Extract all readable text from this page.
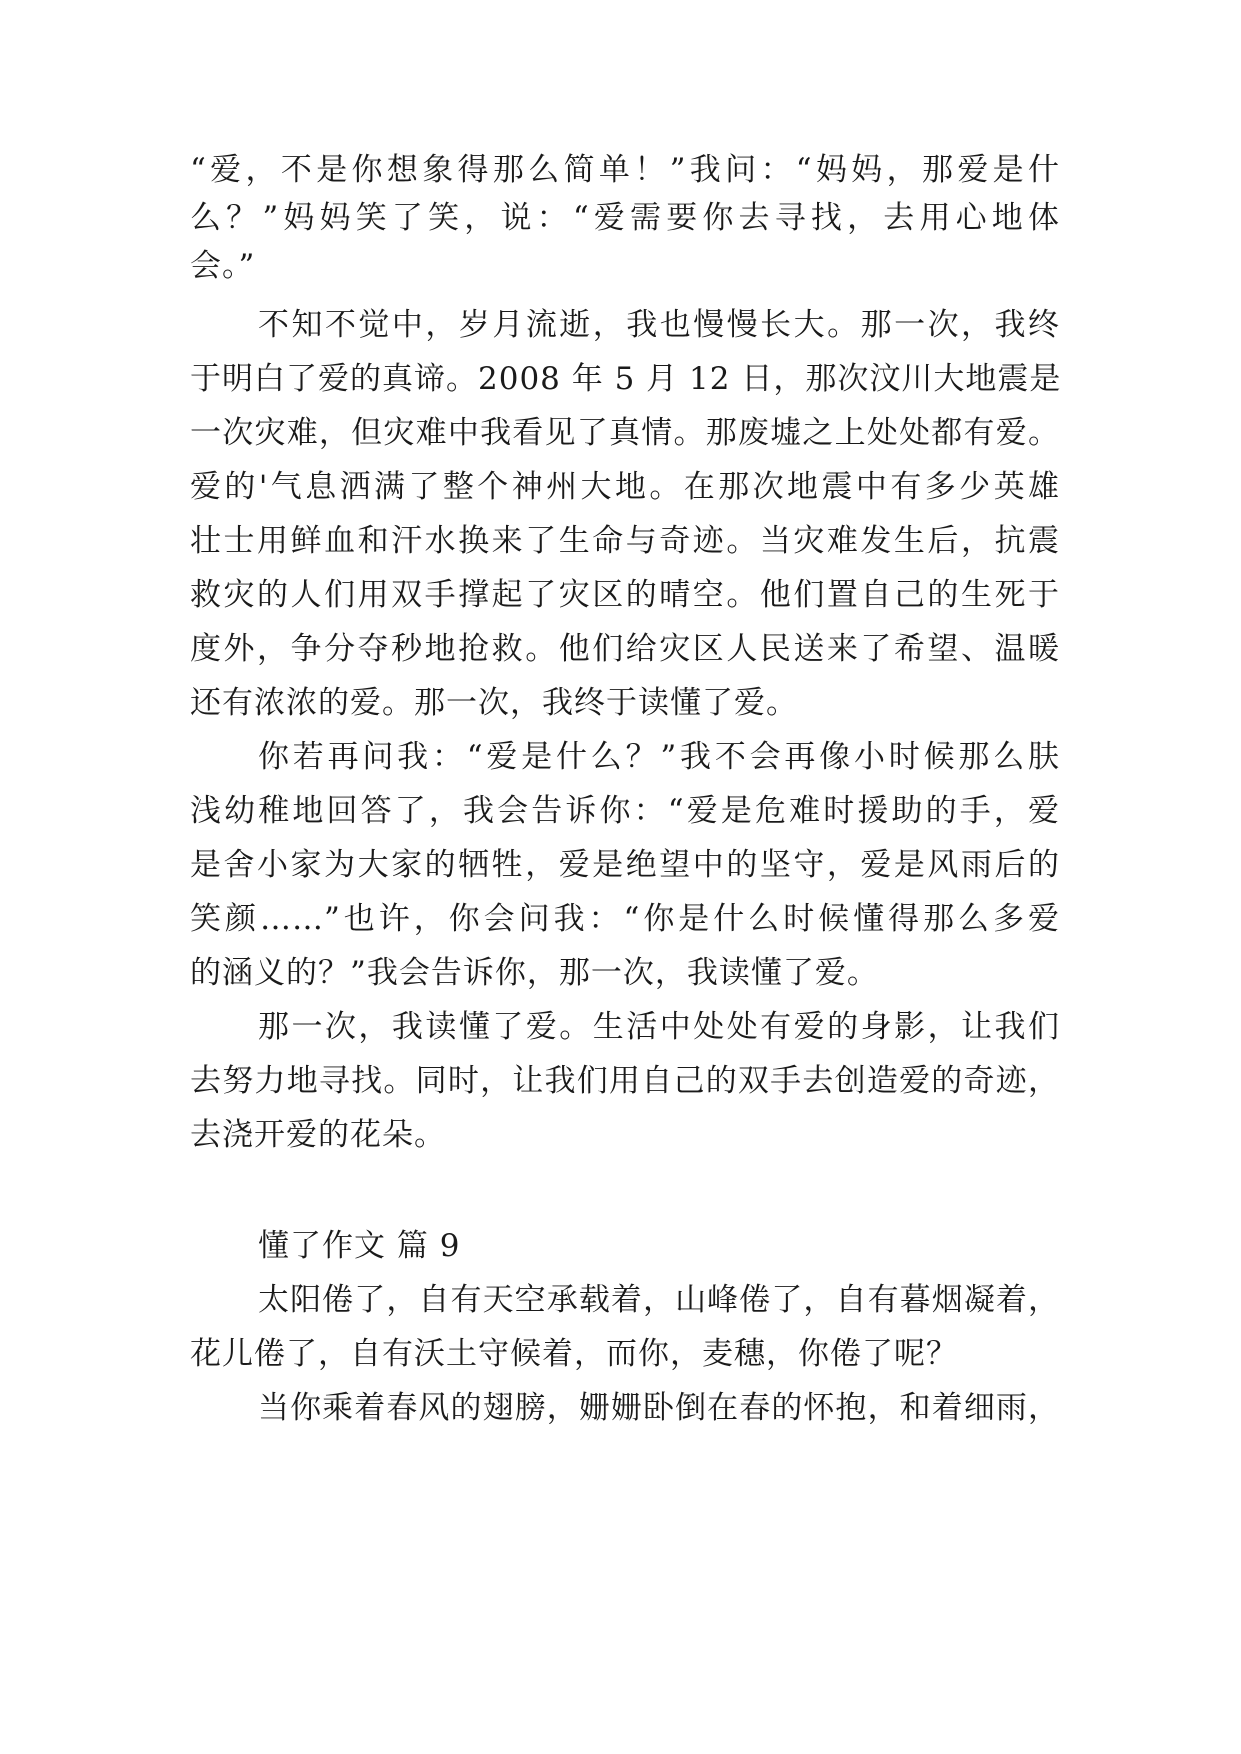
“爱，不是你想象得那么简单！”我问：“妈妈，那爱是什
么？”妈妈笑了笑，说：“爱需要你去寻找，去用心地体
会。”
不知不觉中，岁月流逝，我也慢慢长大。那一次，我终
于明白了爱的真谛。2008 年 5 月 12 日，那次汶川大地震是
一次灾难，但灾难中我看见了真情。那废墟之上处处都有爱。
爱的'气息洒满了整个神州大地。在那次地震中有多少英雄
壮士用鲜血和汗水换来了生命与奇迹。当灾难发生后，抗震
救灾的人们用双手撑起了灾区的晴空。他们置自己的生死于
度外，争分夺秒地抢救。他们给灾区人民送来了希望、温暖
还有浓浓的爱。那一次，我终于读懂了爱。
你若再问我：“爱是什么？”我不会再像小时候那么肤
浅幼稚地回答了，我会告诉你：“爱是危难时援助的手，爱
是舍小家为大家的牺牲，爱是绝望中的坚守，爱是风雨后的
笑颜……”也许，你会问我：“你是什么时候懂得那么多爱
的涵义的？”我会告诉你，那一次，我读懂了爱。
那一次，我读懂了爱。生活中处处有爱的身影，让我们
去努力地寻找。同时，让我们用自己的双手去创造爱的奇迹，
去浇开爱的花朵。
懂了作文 篇 9
太阳倦了，自有天空承载着，山峰倦了，自有暮烟凝着，
花儿倦了，自有沃土守候着，而你，麦穗，你倦了呢？
当你乘着春风的翅膀，姗姗卧倒在春的怀抱，和着细雨，
